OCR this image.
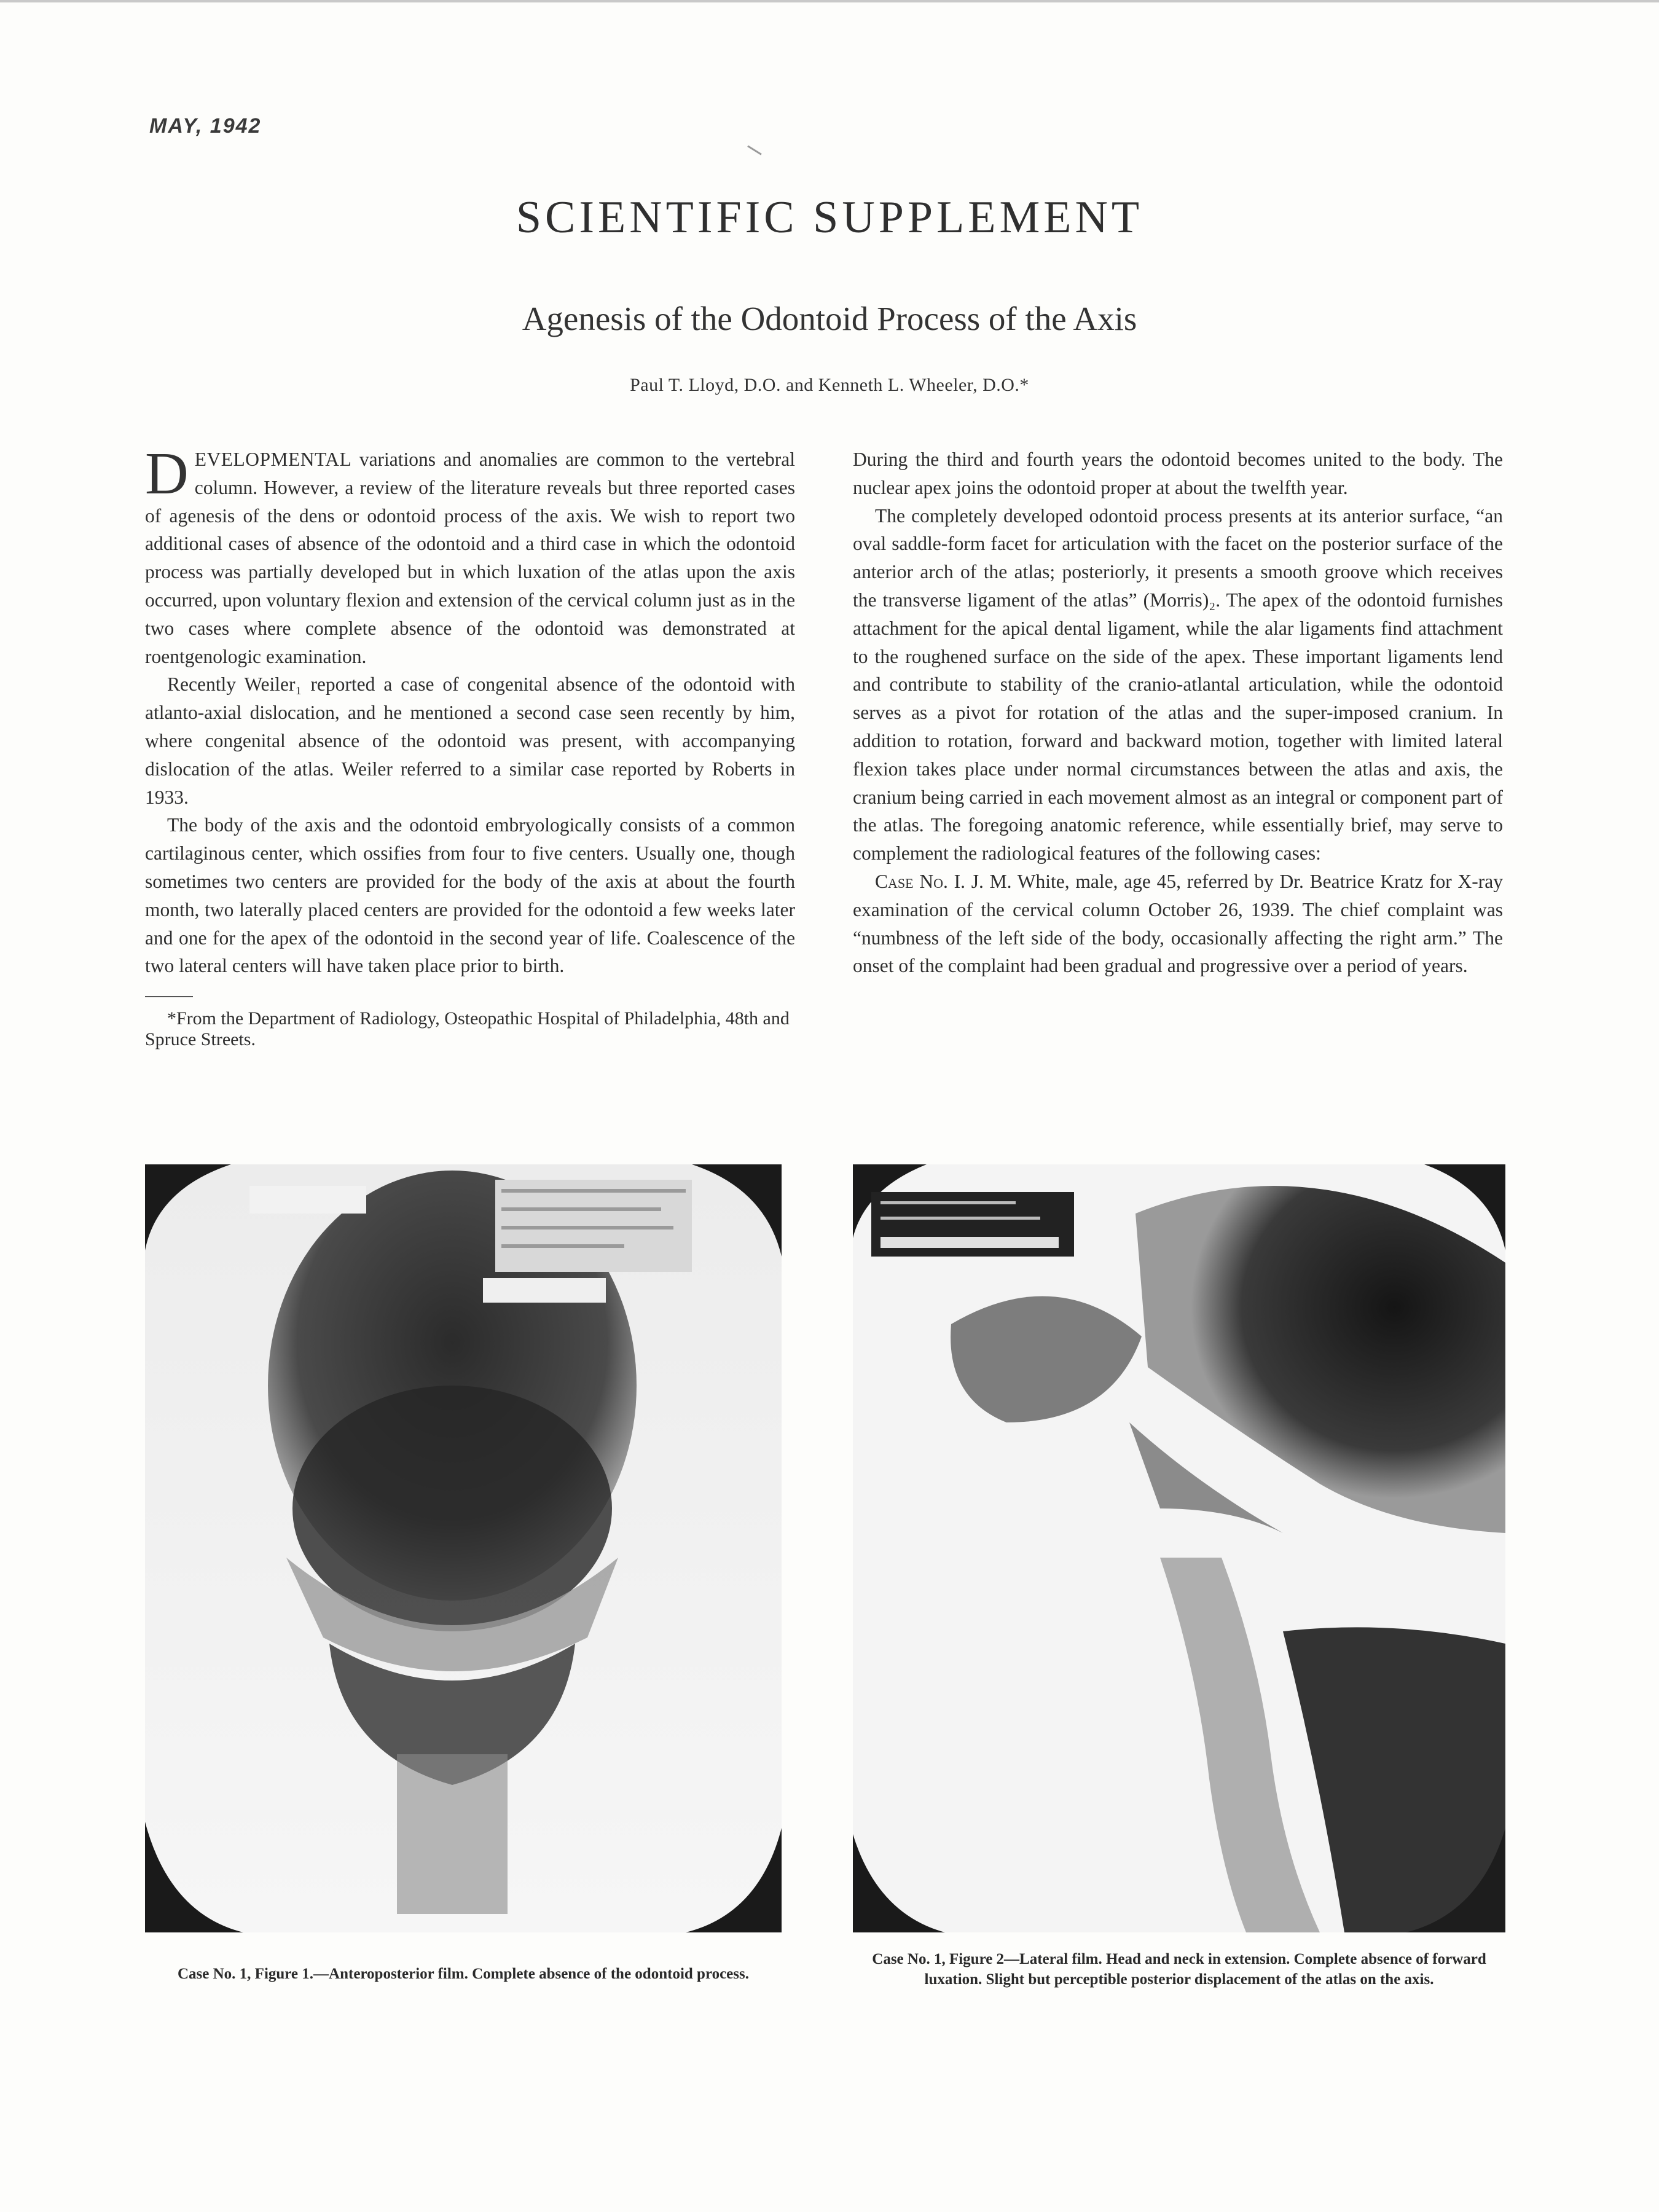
MAY, 1942
SCIENTIFIC SUPPLEMENT
Agenesis of the Odontoid Process of the Axis
Paul T. Lloyd, D.O. and Kenneth L. Wheeler, D.O.*

DEVELOPMENTAL variations and anomalies are common to the vertebral column. However, a review of the literature reveals but three reported cases of agenesis of the dens or odontoid process of the axis. We wish to report two additional cases of absence of the odontoid and a third case in which the odontoid process was partially developed but in which luxation of the atlas upon the axis occurred, upon voluntary flexion and extension of the cervical column just as in the two cases where complete absence of the odontoid was demonstrated at roentgenologic examination.

Recently Weiler₁ reported a case of congenital absence of the odontoid with atlanto-axial dislocation, and he mentioned a second case seen recently by him, where congenital absence of the odontoid was present, with accompanying dislocation of the atlas. Weiler referred to a similar case reported by Roberts in 1933.

The body of the axis and the odontoid embryologically consists of a common cartilaginous center, which ossifies from four to five centers. Usually one, though sometimes two centers are provided for the body of the axis at about the fourth month, two laterally placed centers are provided for the odontoid a few weeks later and one for the apex of the odontoid in the second year of life. Coalescence of the two lateral centers will have taken place prior to birth.

*From the Department of Radiology, Osteopathic Hospital of Philadelphia, 48th and Spruce Streets.

During the third and fourth years the odontoid becomes united to the body. The nuclear apex joins the odontoid proper at about the twelfth year.

The completely developed odontoid process presents at its anterior surface, “an oval saddle-form facet for articulation with the facet on the posterior surface of the anterior arch of the atlas; posteriorly, it presents a smooth groove which receives the transverse ligament of the atlas” (Morris)₂. The apex of the odontoid furnishes attachment for the apical dental ligament, while the alar ligaments find attachment to the roughened surface on the side of the apex. These important ligaments lend and contribute to stability of the cranio-atlantal articulation, while the odontoid serves as a pivot for rotation of the atlas and the super-imposed cranium. In addition to rotation, forward and backward motion, together with limited lateral flexion takes place under normal circumstances between the atlas and axis, the cranium being carried in each movement almost as an integral or component part of the atlas. The foregoing anatomic reference, while essentially brief, may serve to complement the radiological features of the following cases:

Case No. I. J. M. White, male, age 45, referred by Dr. Beatrice Kratz for X-ray examination of the cervical column October 26, 1939. The chief complaint was “numbness of the left side of the body, occasionally affecting the right arm.” The onset of the complaint had been gradual and progressive over a period of years.

Case No. 1, Figure 1.—Anteroposterior film. Complete absence of the odontoid process.
Case No. 1, Figure 2—Lateral film. Head and neck in extension. Complete absence of forward luxation. Slight but perceptible posterior displacement of the atlas on the axis.
